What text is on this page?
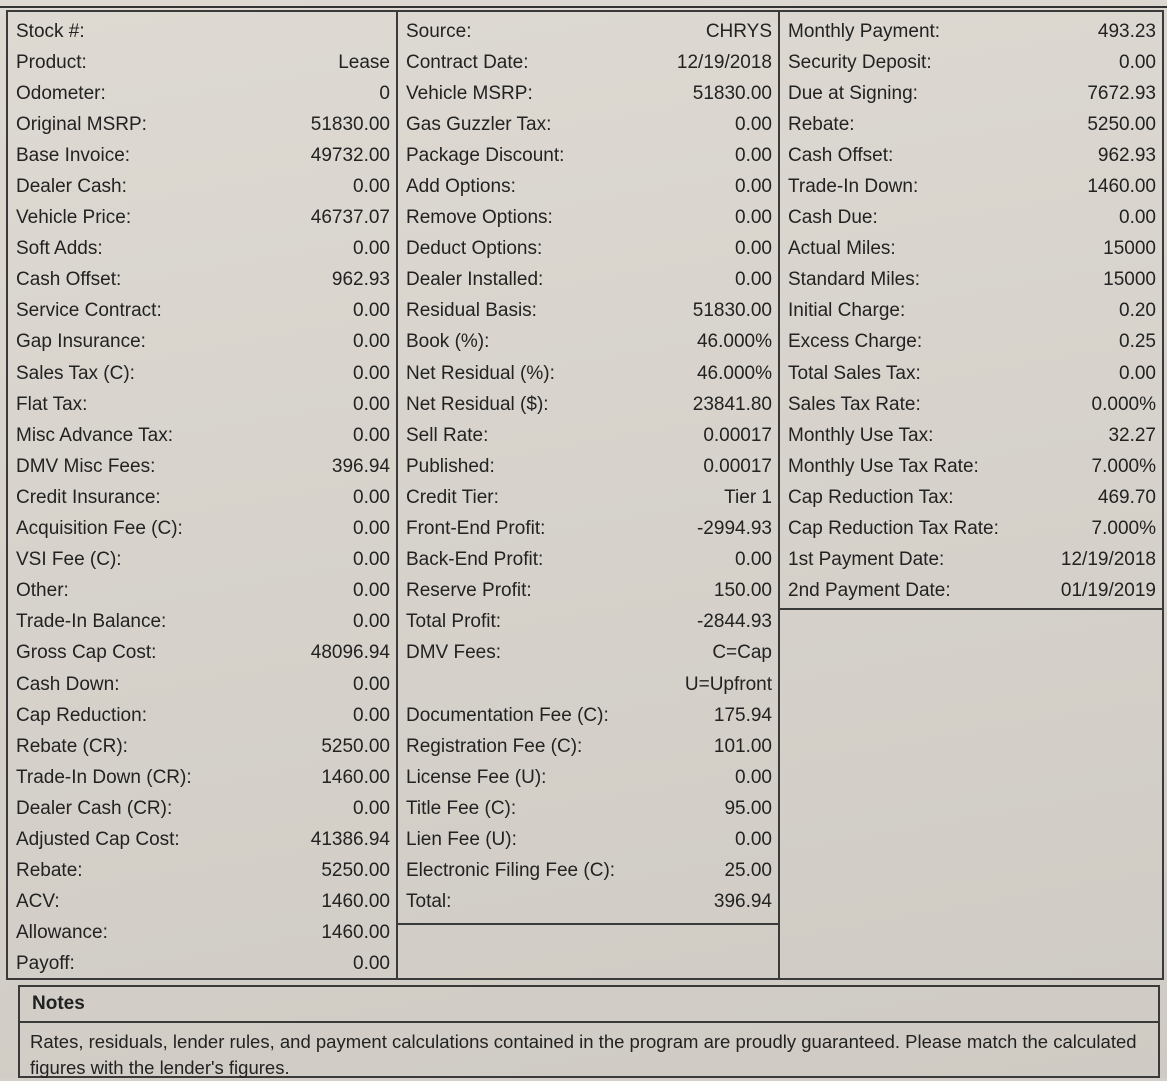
Stock #:
Product:	Lease
Odometer:	0
Original MSRP:	51830.00
Base Invoice:	49732.00
Dealer Cash:	0.00
Vehicle Price:	46737.07
Soft Adds:	0.00
Cash Offset:	962.93
Service Contract:	0.00
Gap Insurance:	0.00
Sales Tax (C):	0.00
Flat Tax:	0.00
Misc Advance Tax:	0.00
DMV Misc Fees:	396.94
Credit Insurance:	0.00
Acquisition Fee (C):	0.00
VSI Fee (C):	0.00
Other:	0.00
Trade-In Balance:	0.00
Gross Cap Cost:	48096.94
Cash Down:	0.00
Cap Reduction:	0.00
Rebate (CR):	5250.00
Trade-In Down (CR):	1460.00
Dealer Cash (CR):	0.00
Adjusted Cap Cost:	41386.94
Rebate:	5250.00
ACV:	1460.00
Allowance:	1460.00
Payoff:	0.00
Source:	CHRYS
Contract Date:	12/19/2018
Vehicle MSRP:	51830.00
Gas Guzzler Tax:	0.00
Package Discount:	0.00
Add Options:	0.00
Remove Options:	0.00
Deduct Options:	0.00
Dealer Installed:	0.00
Residual Basis:	51830.00
Book (%):	46.000%
Net Residual (%):	46.000%
Net Residual ($):	23841.80
Sell Rate:	0.00017
Published:	0.00017
Credit Tier:	Tier 1
Front-End Profit:	-2994.93
Back-End Profit:	0.00
Reserve Profit:	150.00
Total Profit:	-2844.93
DMV Fees:	C=Cap
U=Upfront
Documentation Fee (C):	175.94
Registration Fee (C):	101.00
License Fee (U):	0.00
Title Fee (C):	95.00
Lien Fee (U):	0.00
Electronic Filing Fee (C):	25.00
Total:	396.94
Monthly Payment:	493.23
Security Deposit:	0.00
Due at Signing:	7672.93
Rebate:	5250.00
Cash Offset:	962.93
Trade-In Down:	1460.00
Cash Due:	0.00
Actual Miles:	15000
Standard Miles:	15000
Initial Charge:	0.20
Excess Charge:	0.25
Total Sales Tax:	0.00
Sales Tax Rate:	0.000%
Monthly Use Tax:	32.27
Monthly Use Tax Rate:	7.000%
Cap Reduction Tax:	469.70
Cap Reduction Tax Rate:	7.000%
1st Payment Date:	12/19/2018
2nd Payment Date:	01/19/2019
Notes
Rates, residuals, lender rules, and payment calculations contained in the program are proudly guaranteed. Please match the calculated figures with the lender's figures.
